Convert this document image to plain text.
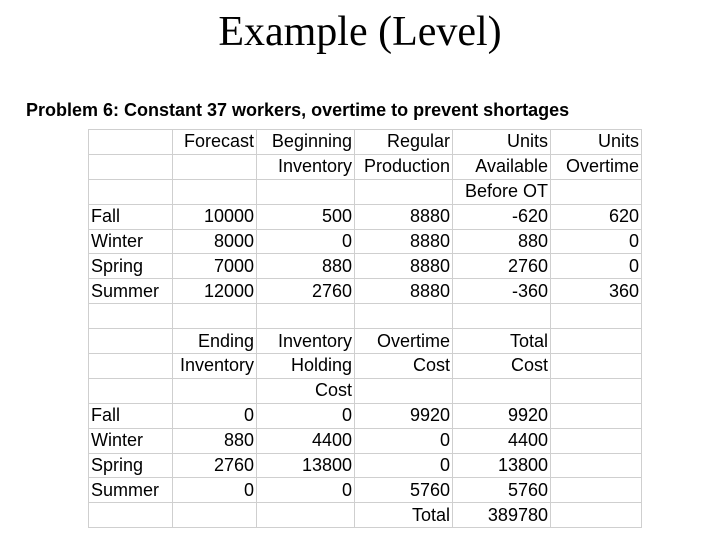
Example (Level)
Problem 6: Constant 37 workers, overtime to prevent shortages
	Forecast	Beginning	Regular	Units	Units
		Inventory	Production	Available	Overtime
				Before OT	
Fall	10000	500	8880	-620	620
Winter	8000	0	8880	880	0
Spring	7000	880	8880	2760	0
Summer	12000	2760	8880	-360	360

	Ending	Inventory	Overtime	Total	
	Inventory	Holding	Cost	Cost	
		Cost			
Fall	0	0	9920	9920	
Winter	880	4400	0	4400	
Spring	2760	13800	0	13800	
Summer	0	0	5760	5760	
			Total	389780	
